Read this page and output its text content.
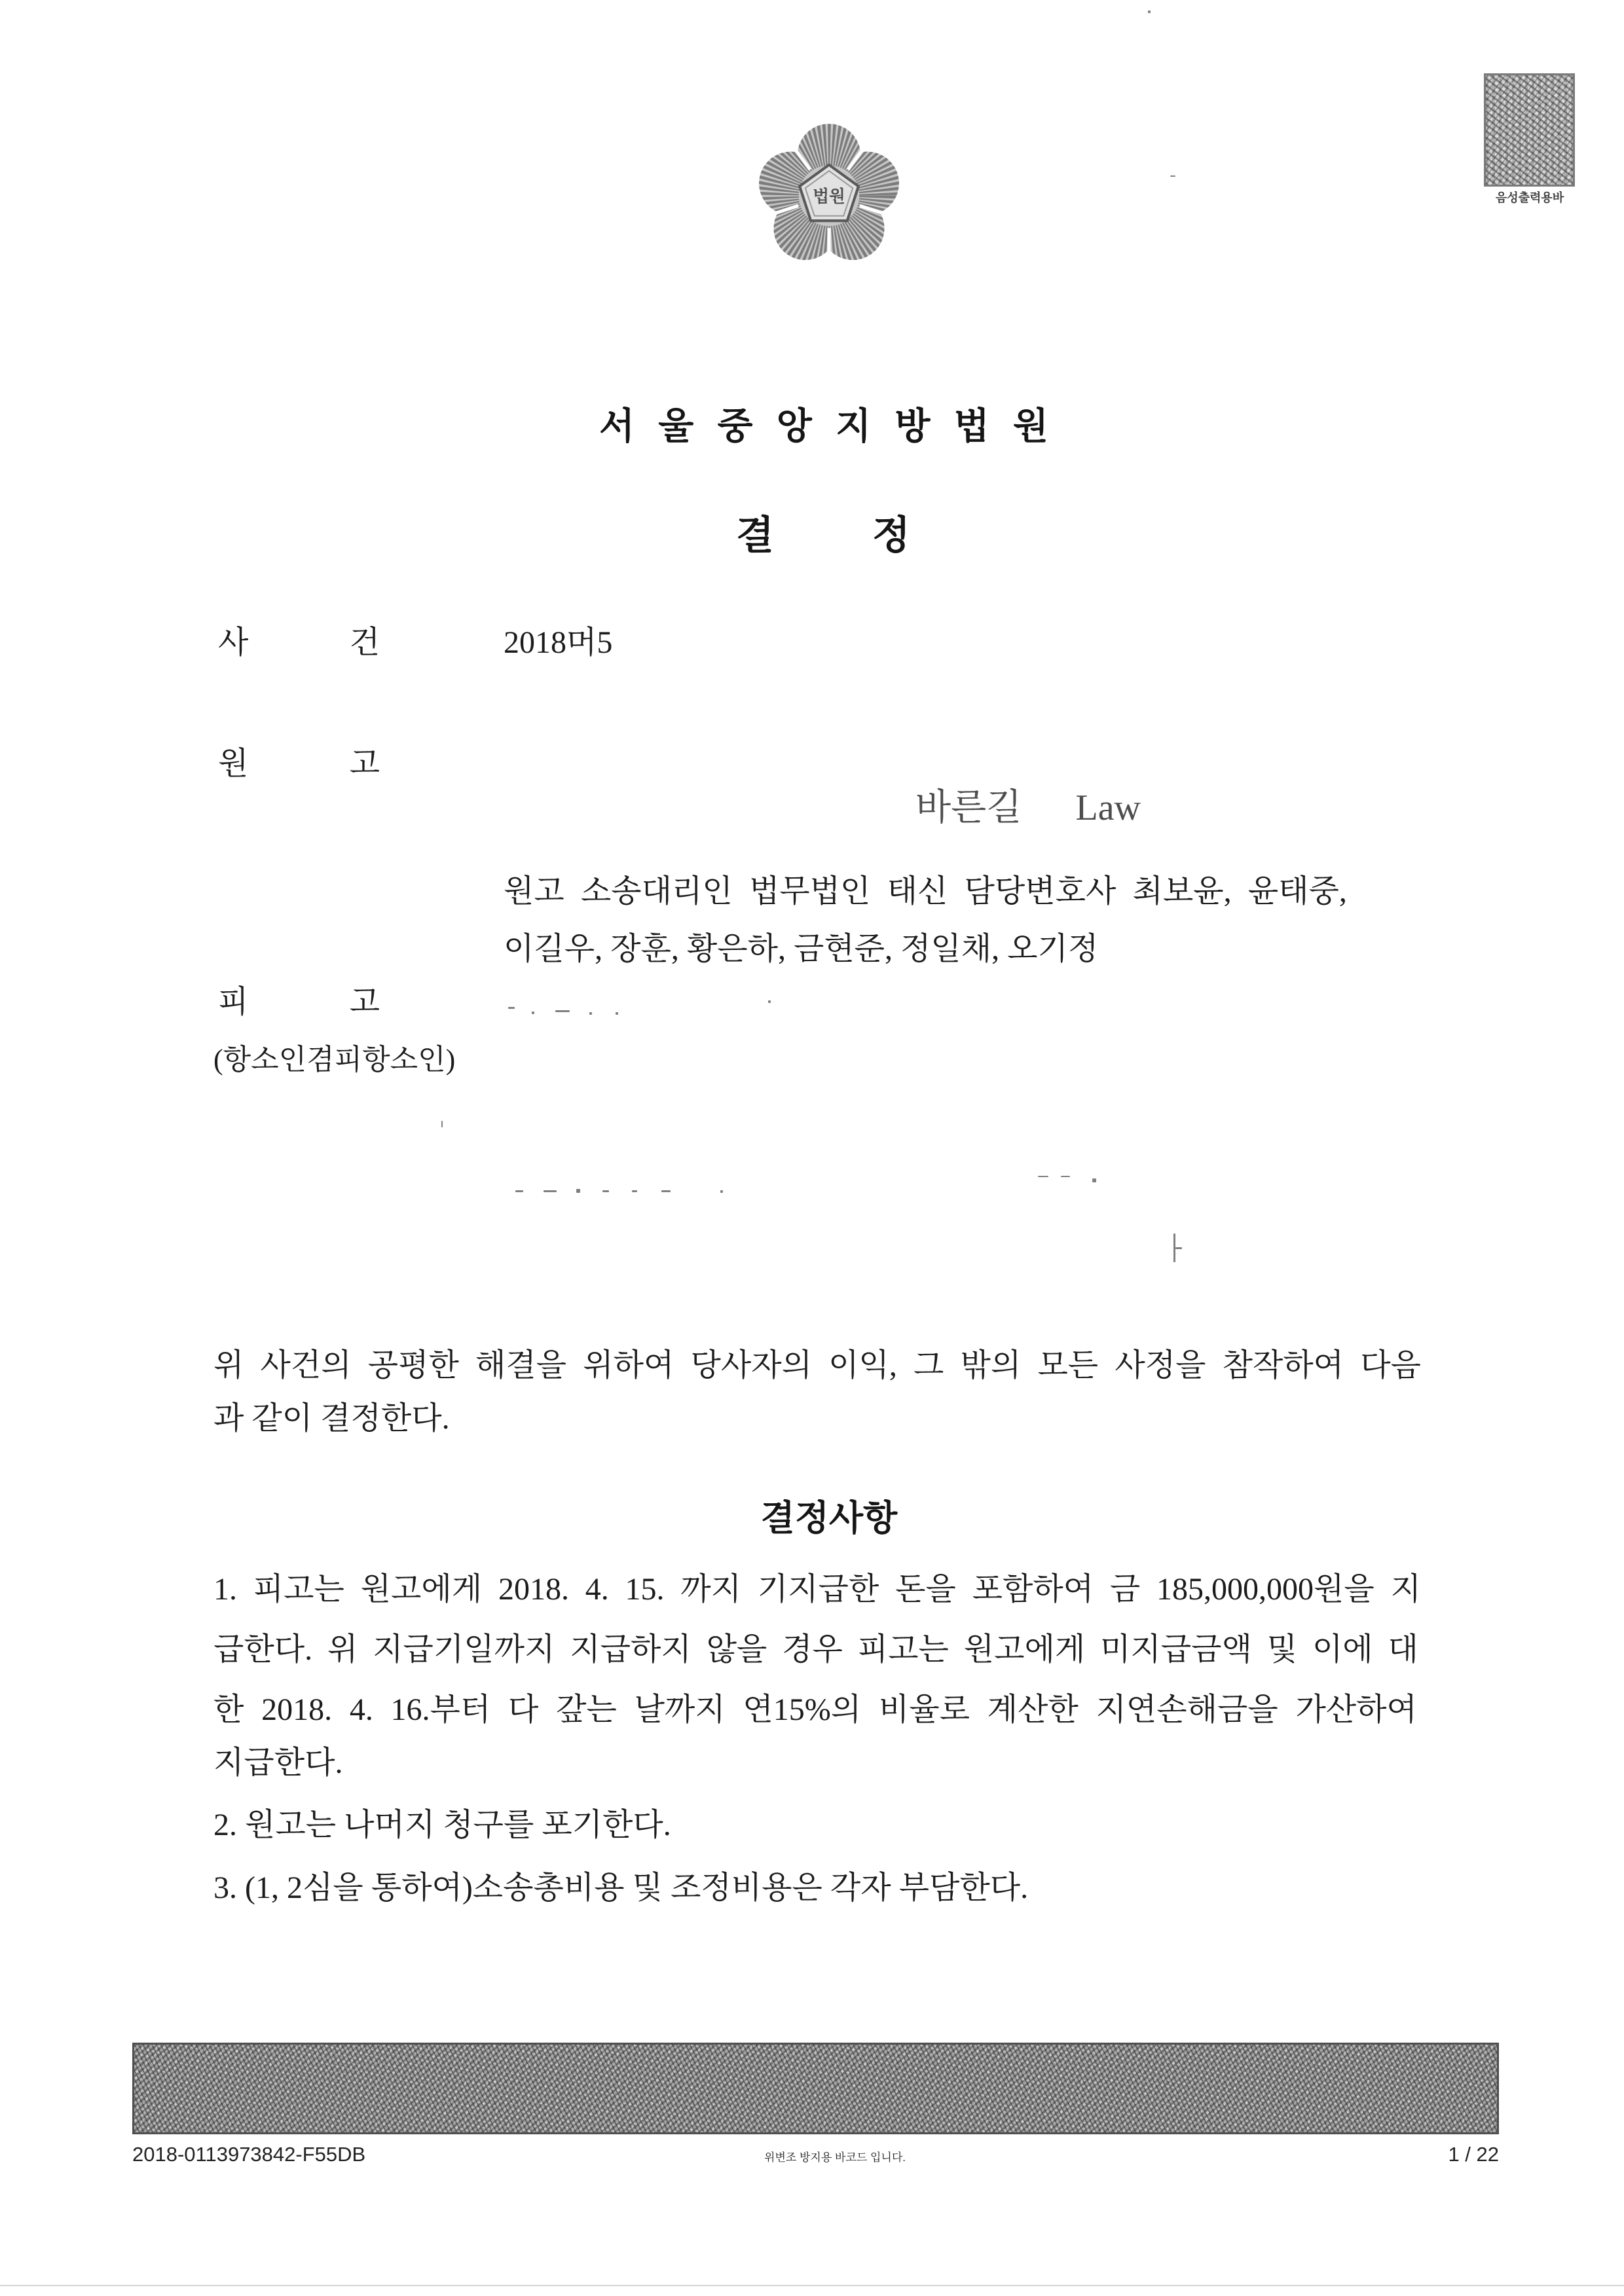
법원	음성출력용바
서 울 중 앙 지 방 법 원
결	정
사	건	2018머5
원	고
바른길 Law
원고 소송대리인 법무법인 태신 담당변호사 최보윤, 윤태중,
이길우, 장훈, 황은하, 금현준, 정일채, 오기정
피	고
(항소인겸피항소인)
위 사건의 공평한 해결을 위하여 당사자의 이익, 그 밖의 모든 사정을 참작하여 다음
과 같이 결정한다.
결정사항
1. 피고는 원고에게 2018. 4. 15. 까지 기지급한 돈을 포함하여 금 185,000,000원을 지
급한다. 위 지급기일까지 지급하지 않을 경우 피고는 원고에게 미지급금액 및 이에 대
한 2018. 4. 16.부터 다 갚는 날까지 연15%의 비율로 계산한 지연손해금을 가산하여
지급한다.
2. 원고는 나머지 청구를 포기한다.
3. (1, 2심을 통하여)소송총비용 및 조정비용은 각자 부담한다.
2018-0113973842-F55DB	위변조 방지용 바코드 입니다.	1 / 22
